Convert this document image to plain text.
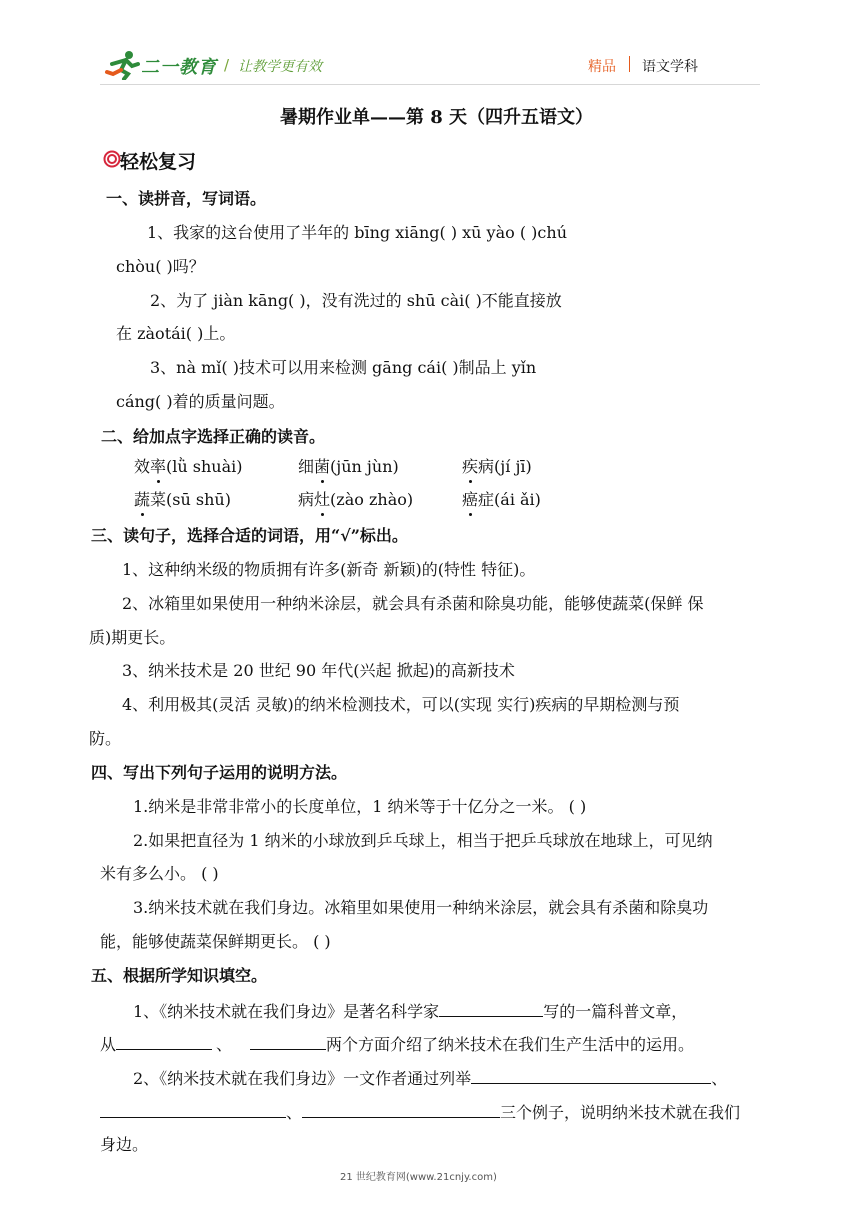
二一教育 / 让教学更有效	精品 语文学科
暑期作业单——第 8 天（四升五语文）
轻松复习
一、读拼音，写词语。
1、我家的这台使用了半年的 bīng xiāng( ) xū yào ( )chú
chòu( )吗？
2、为了 jiàn kāng( )，没有洗过的 shū cài( )不能直接放
在 zàotái( )上。
3、nà mǐ( )技术可以用来检测 gāng cái( )制品上 yǐn
cáng( )着的质量问题。
二、给加点字选择正确的读音。
效率(lǜ shuài)	细菌(jūn jùn)	疾病(jí jī)
蔬菜(sū shū)	病灶(zào zhào)	癌症(ái ǎi)
三、读句子，选择合适的词语，用“√”标出。
1、这种纳米级的物质拥有许多(新奇 新颖)的(特性 特征)。
2、冰箱里如果使用一种纳米涂层，就会具有杀菌和除臭功能，能够使蔬菜(保鲜 保
质)期更长。
3、纳米技术是 20 世纪 90 年代(兴起 掀起)的高新技术
4、利用极其(灵活 灵敏)的纳米检测技术，可以(实现 实行)疾病的早期检测与预
防。
四、写出下列句子运用的说明方法。
1.纳米是非常非常小的长度单位，1 纳米等于十亿分之一米。 ( )
2.如果把直径为 1 纳米的小球放到乒乓球上，相当于把乒乓球放在地球上，可见纳
米有多么小。 ( )
3.纳米技术就在我们身边。冰箱里如果使用一种纳米涂层，就会具有杀菌和除臭功
能，能够使蔬菜保鲜期更长。 ( )
五、根据所学知识填空。
1、《纳米技术就在我们身边》是著名科学家	写的一篇科普文章，
从	、	两个方面介绍了纳米技术在我们生产生活中的运用。
2、《纳米技术就在我们身边》一文作者通过列举	、
、	三个例子，说明纳米技术就在我们
身边。
21 世纪教育网(www.21cnjy.com)
